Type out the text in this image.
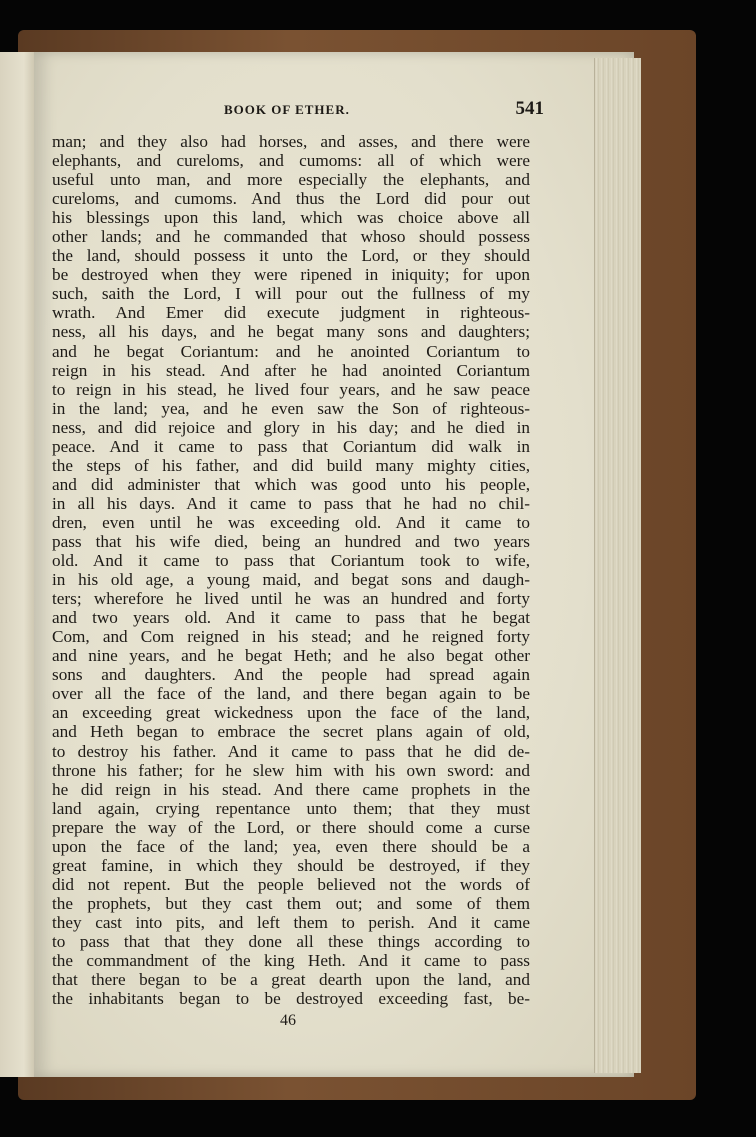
BOOK OF ETHER.	541
man; and they also had horses, and asses, and there were
elephants, and cureloms, and cumoms: all of which were
useful unto man, and more especially the elephants, and
cureloms, and cumoms. And thus the Lord did pour out
his blessings upon this land, which was choice above all
other lands; and he commanded that whoso should possess
the land, should possess it unto the Lord, or they should
be destroyed when they were ripened in iniquity; for upon
such, saith the Lord, I will pour out the fullness of my
wrath. And Emer did execute judgment in righteous-
ness, all his days, and he begat many sons and daughters;
and he begat Coriantum: and he anointed Coriantum to
reign in his stead. And after he had anointed Coriantum
to reign in his stead, he lived four years, and he saw peace
in the land; yea, and he even saw the Son of righteous-
ness, and did rejoice and glory in his day; and he died in
peace. And it came to pass that Coriantum did walk in
the steps of his father, and did build many mighty cities,
and did administer that which was good unto his people,
in all his days. And it came to pass that he had no chil-
dren, even until he was exceeding old. And it came to
pass that his wife died, being an hundred and two years
old. And it came to pass that Coriantum took to wife,
in his old age, a young maid, and begat sons and daugh-
ters; wherefore he lived until he was an hundred and forty
and two years old. And it came to pass that he begat
Com, and Com reigned in his stead; and he reigned forty
and nine years, and he begat Heth; and he also begat other
sons and daughters. And the people had spread again
over all the face of the land, and there began again to be
an exceeding great wickedness upon the face of the land,
and Heth began to embrace the secret plans again of old,
to destroy his father. And it came to pass that he did de-
throne his father; for he slew him with his own sword: and
he did reign in his stead. And there came prophets in the
land again, crying repentance unto them; that they must
prepare the way of the Lord, or there should come a curse
upon the face of the land; yea, even there should be a
great famine, in which they should be destroyed, if they
did not repent. But the people believed not the words of
the prophets, but they cast them out; and some of them
they cast into pits, and left them to perish. And it came
to pass that that they done all these things according to
the commandment of the king Heth. And it came to pass
that there began to be a great dearth upon the land, and
the inhabitants began to be destroyed exceeding fast, be-
46
